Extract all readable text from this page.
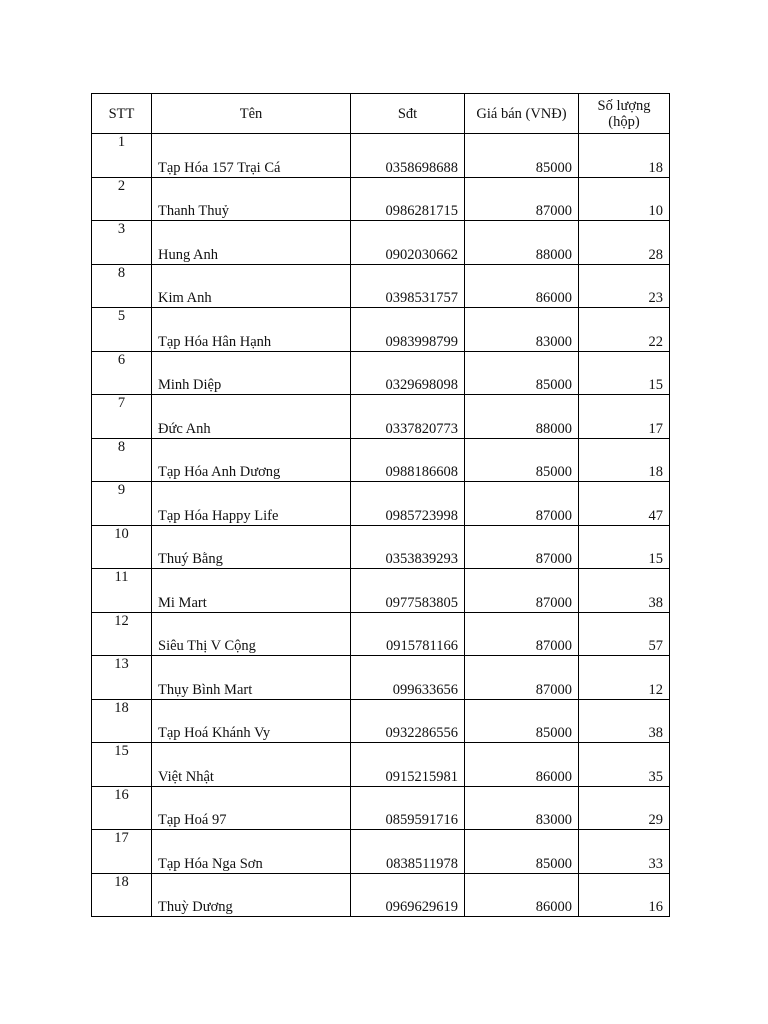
STT	Tên	Sđt	Giá bán (VNĐ)	Số lượng
(hộp)
1	Tạp Hóa 157 Trại Cá	0358698688	85000	18
2	Thanh Thuỷ	0986281715	87000	10
3	Hung Anh	0902030662	88000	28
8	Kim Anh	0398531757	86000	23
5	Tạp Hóa Hân Hạnh	0983998799	83000	22
6	Minh Diệp	0329698098	85000	15
7	Đức Anh	0337820773	88000	17
8	Tạp Hóa Anh Dương	0988186608	85000	18
9	Tạp Hóa Happy Life	0985723998	87000	47
10	Thuý Bằng	0353839293	87000	15
11	Mi Mart	0977583805	87000	38
12	Siêu Thị V Cộng	0915781166	87000	57
13	Thụy Bình Mart	099633656	87000	12
18	Tạp Hoá Khánh Vy	0932286556	85000	38
15	Việt Nhật	0915215981	86000	35
16	Tạp Hoá 97	0859591716	83000	29
17	Tạp Hóa Nga Sơn	0838511978	85000	33
18	Thuỳ Dương	0969629619	86000	16
